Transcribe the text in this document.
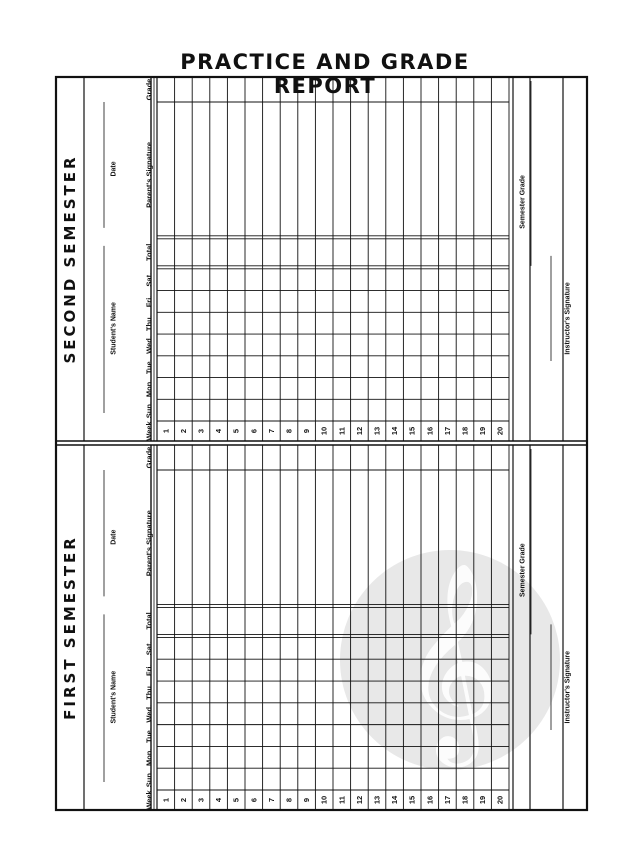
PRACTICE AND GRADE REPORT
𝄞
FIRST SEMESTER	Student's Name
Date
Week
Sun.
Mon.
Tue.
Wed.
Thu.
Fri.
Sat.
Total
Parent's Signature
Grade
1 2 3 4 5 6 7 8 9 10 11 12 13 14 15 16 17 18 19 20
Semester Grade
Instructor's Signature
SECOND SEMESTER	Student's Name
Date
Week
Sun.
Mon.
Tue.
Wed.
Thu.
Fri.
Sat.
Total
Parent's Signature
Grade
1 2 3 4 5 6 7 8 9 10 11 12 13 14 15 16 17 18 19 20
Semester Grade
Instructor's Signature
